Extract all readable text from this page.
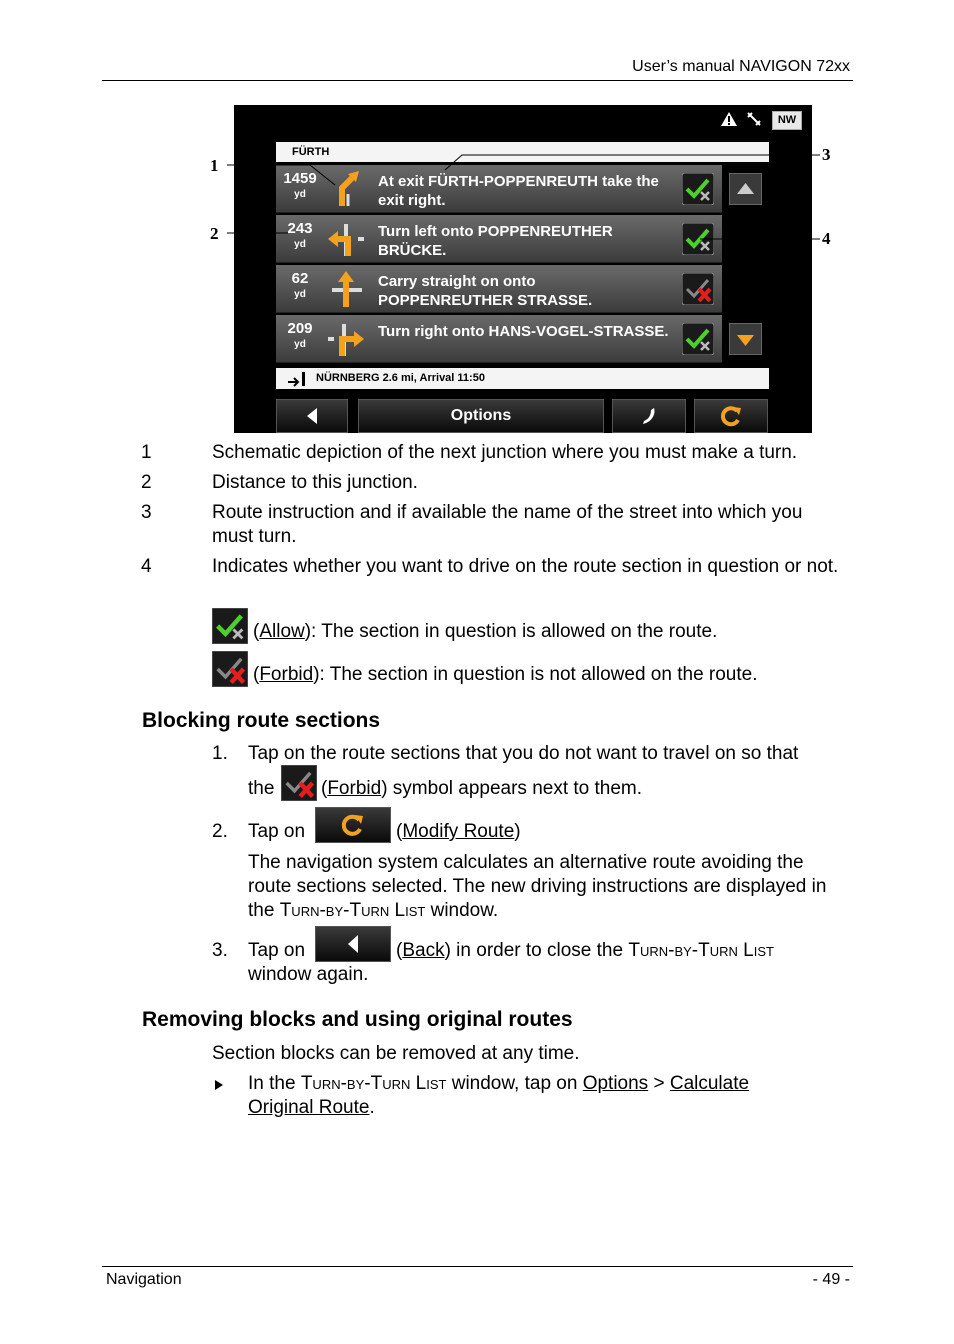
User’s manual NAVIGON 72xx
NW
FÜRTH
1459
yd
At exit FÜRTH-POPPENREUTH take the exit right.
243
yd
Turn left onto POPPENREUTHER BRÜCKE.
62
yd
Carry straight on onto POPPENREUTHER STRASSE.
209
yd
Turn right onto HANS-VOGEL-STRASSE.
NÜRNBERG 2.6 mi, Arrival 11:50
Options
1
2
3
4
1	Schematic depiction of the next junction where you must make a turn.
2	Distance to this junction.
3	Route instruction and if available the name of the street into which you must turn.
4	Indicates whether you want to drive on the route section in question or not.
(Allow): The section in question is allowed on the route.
(Forbid): The section in question is not allowed on the route.
Blocking route sections
1. Tap on the route sections that you do not want to travel on so that
the (Forbid) symbol appears next to them.
2. Tap on	(Modify Route)
The navigation system calculates an alternative route avoiding the route sections selected. The new driving instructions are displayed in the Turn-by-Turn List window.
3. Tap on	(Back) in order to close the Turn-by-Turn List
window again.
Removing blocks and using original routes
Section blocks can be removed at any time.
In the Turn-by-Turn List window, tap on Options > Calculate
Original Route.
Navigation	- 49 -
